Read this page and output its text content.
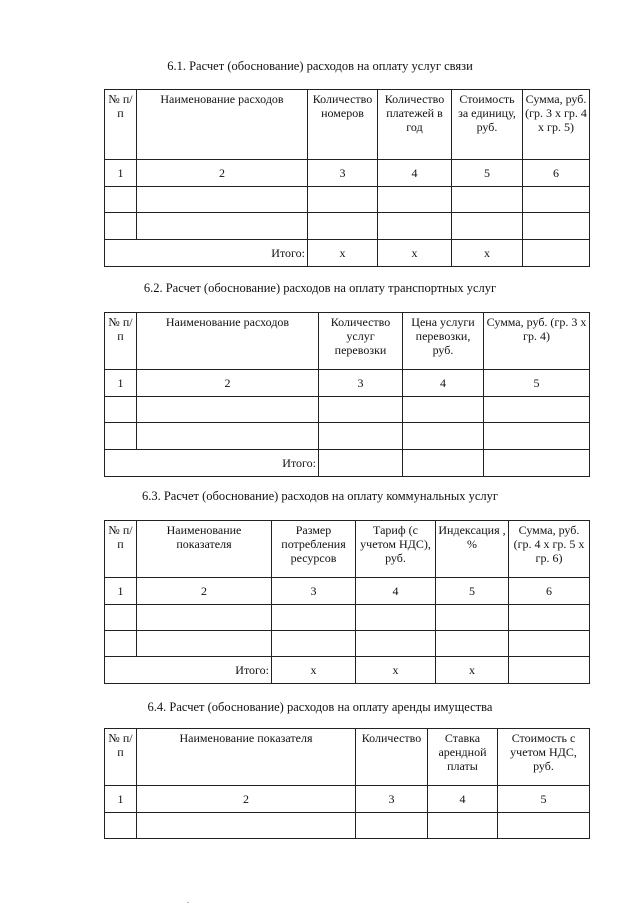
6.1. Расчет (обоснование) расходов на оплату услуг связи
№ п/п	Наименование расходов	Количество номеров	Количество платежей в год	Стоимость за единицу, руб.	Сумма, руб. (гр. 3 х гр. 4 х гр. 5)
1	2	3	4	5	6

Итого:		х	х	х	
6.2. Расчет (обоснование) расходов на оплату транспортных услуг
№ п/п	Наименование расходов	Количество услуг перевозки	Цена услуги перевозки, руб.	Сумма, руб. (гр. 3 х гр. 4)
1	2	3	4	5

Итого:				
6.3. Расчет (обоснование) расходов на оплату коммунальных услуг
№ п/п	Наименование показателя	Размер потребления ресурсов	Тариф (с учетом НДС), руб.	Индексация , %	Сумма, руб. (гр. 4 х гр. 5 х гр. 6)
1	2	3	4	5	6

Итого:		х	х	х	
6.4. Расчет (обоснование) расходов на оплату аренды имущества
№ п/п	Наименование показателя	Количество	Ставка арендной платы	Стоимость с учетом НДС, руб.
1	2	3	4	5

.
